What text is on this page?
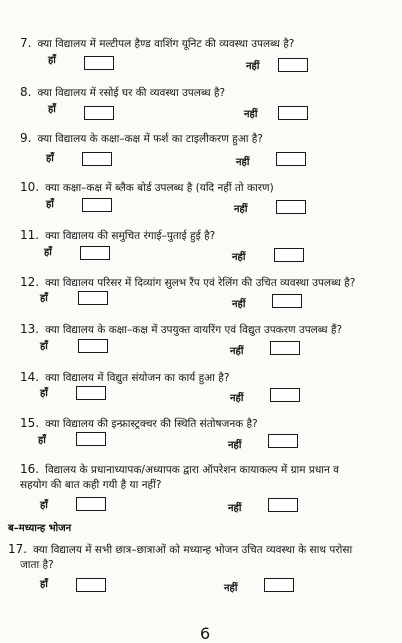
7. क्या विद्यालय में मल्टीपल हैण्ड वाशिंग यूनिट की व्यवस्था उपलब्ध है?
हाँ
नहीं
8. क्या विद्यालय में रसोई घर की व्यवस्था उपलब्ध है?
हाँ	नहीं
9. क्या विद्यालय के कक्षा–कक्ष में फर्श का टाइलीकरण हुआ है?
हाँ	नहीं
10. क्या कक्षा–कक्ष में ब्लैक बोर्ड उपलब्ध है (यदि नहीं तो कारण)
हाँ	नहीं
11. क्या विद्यालय की समुचित रंगाई–पुताई हुई है?
हाँ	नहीं
12. क्या विद्यालय परिसर में दिव्यांग सुलभ रैंप एवं रेलिंग की उचित व्यवस्था उपलब्ध है?
हाँ
नहीं
13. क्या विद्यालय के कक्षा–कक्ष में उपयुक्त वायरिंग एवं विद्युत उपकरण उपलब्ध हैं?
हाँ	नहीं
14. क्या विद्यालय में विद्युत संयोजन का कार्य हुआ है?
हाँ	नहीं
15. क्या विद्यालय की इन्फ्रास्ट्रक्चर की स्थिति संतोषजनक है?
हाँ	नहीं
16. विद्यालय के प्रधानाध्यापक/अध्यापक द्वारा ऑपरेशन कायाकल्प में ग्राम प्रधान व
सहयोग की बात कही गयी है या नहीं?
हाँ	नहीं
ब–मध्यान्ह भोजन
17. क्या विद्यालय में सभी छात्र–छात्राओं को मध्यान्ह भोजन उचित व्यवस्था के साथ परोसा
जाता है?
हाँ	नहीं
6
